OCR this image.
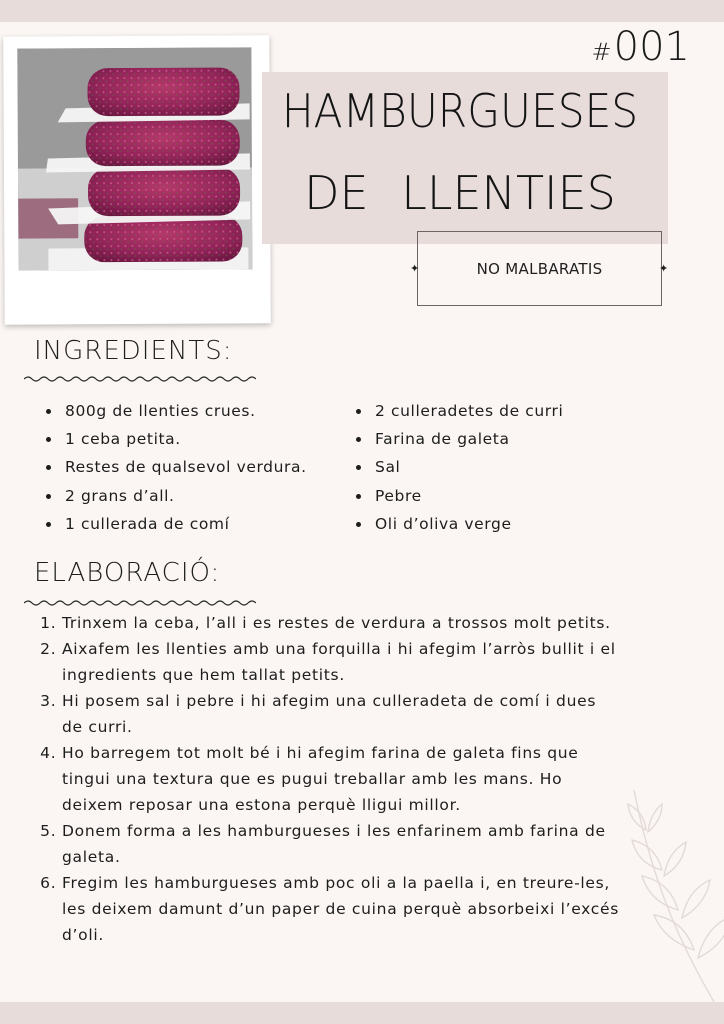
HAMBURGUESES
DE LLENTIES
#001
NO MALBARATIS
✦	✦
INGREDIENTS:
• 800g de llenties crues.
• 1 ceba petita.
• Restes de qualsevol verdura.
• 2 grans d’all.
• 1 cullerada de comí
• 2 culleradetes de curri
• Farina de galeta
• Sal
• Pebre
• Oli d’oliva verge
ELABORACIÓ:
1. Trinxem la ceba, l’all i es restes de verdura a trossos molt petits.
2. Aixafem les llenties amb una forquilla i hi afegim l’arròs bullit i el ingredients que hem tallat petits.
3. Hi posem sal i pebre i hi afegim una culleradeta de comí i dues de curri.
4. Ho barregem tot molt bé i hi afegim farina de galeta fins que tingui una textura que es pugui treballar amb les mans. Ho deixem reposar una estona perquè lligui millor.
5. Donem forma a les hamburgueses i les enfarinem amb farina de galeta.
6. Fregim les hamburgueses amb poc oli a la paella i, en treure-les, les deixem damunt d’un paper de cuina perquè absorbeixi l’excés d’oli.
